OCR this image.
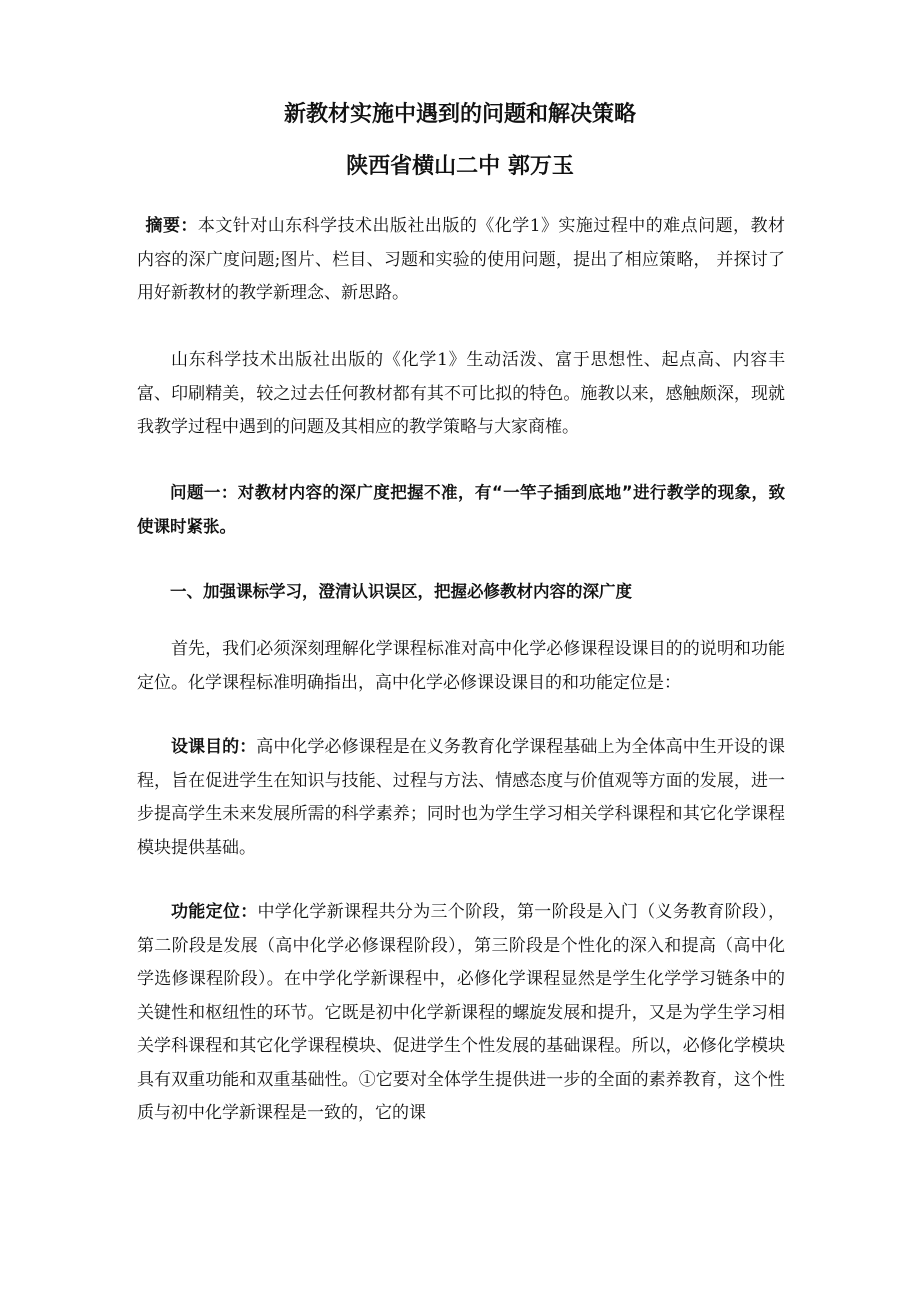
新教材实施中遇到的问题和解决策略
陕西省横山二中 郭万玉

摘要：本文针对山东科学技术出版社出版的《化学1》实施过程中的难点问题，教材内容的深广度问题;图片、栏目、习题和实验的使用问题，提出了相应策略， 并探讨了用好新教材的教学新理念、新思路。

山东科学技术出版社出版的《化学1》生动活泼、富于思想性、起点高、内容丰富、印刷精美，较之过去任何教材都有其不可比拟的特色。施教以来，感触颇深，现就我教学过程中遇到的问题及其相应的教学策略与大家商榷。

问题一：对教材内容的深广度把握不准，有“一竿子插到底地”进行教学的现象，致使课时紧张。

一、加强课标学习，澄清认识误区，把握必修教材内容的深广度

首先，我们必须深刻理解化学课程标准对高中化学必修课程设课目的的说明和功能定位。化学课程标准明确指出，高中化学必修课设课目的和功能定位是：

设课目的：高中化学必修课程是在义务教育化学课程基础上为全体高中生开设的课程，旨在促进学生在知识与技能、过程与方法、情感态度与价值观等方面的发展，进一步提高学生未来发展所需的科学素养；同时也为学生学习相关学科课程和其它化学课程模块提供基础。

功能定位：中学化学新课程共分为三个阶段，第一阶段是入门（义务教育阶段），第二阶段是发展（高中化学必修课程阶段），第三阶段是个性化的深入和提高（高中化学选修课程阶段）。在中学化学新课程中，必修化学课程显然是学生化学学习链条中的关键性和枢纽性的环节。它既是初中化学新课程的螺旋发展和提升，又是为学生学习相关学科课程和其它化学课程模块、促进学生个性发展的基础课程。所以，必修化学模块具有双重功能和双重基础性。①它要对全体学生提供进一步的全面的素养教育，这个性质与初中化学新课程是一致的，它的课
